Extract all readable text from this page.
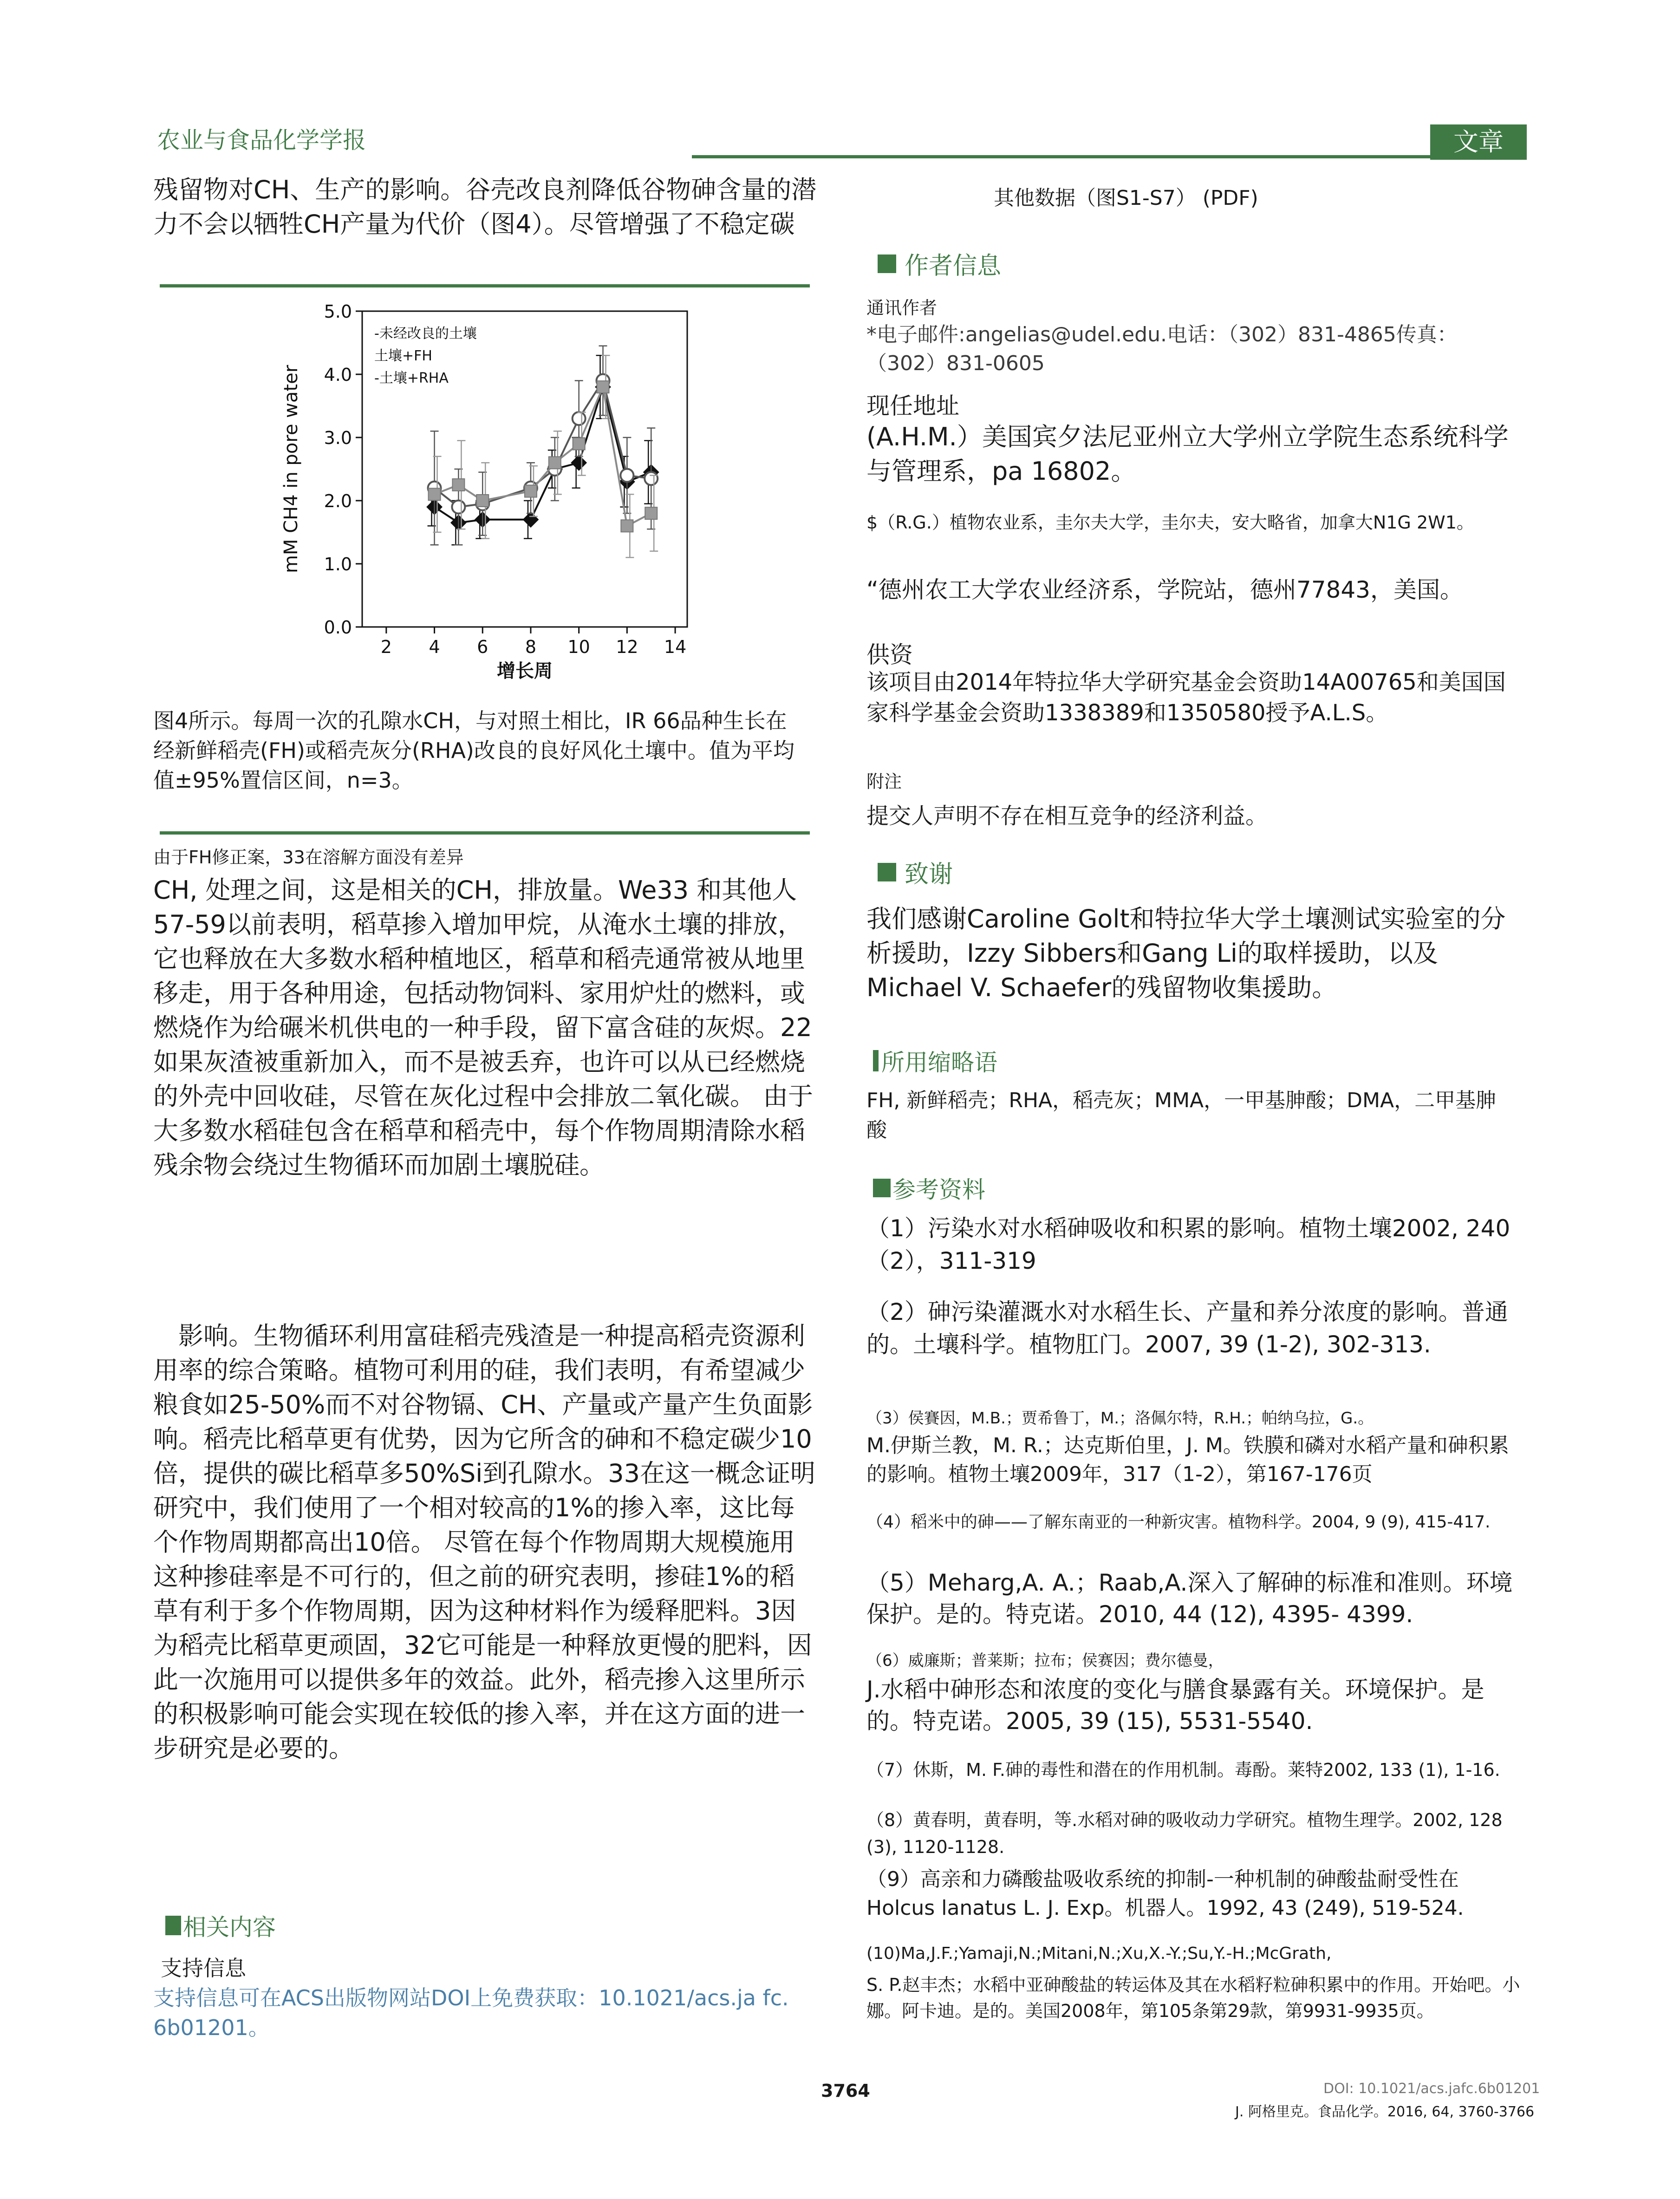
农业与食品化学学报	文章

残留物对CH、生产的影响。谷壳改良剂降低谷物砷含量的潜力不会以牺牲CH产量为代价（图4）。尽管增强了不稳定碳

0.0
1.0
2.0
3.0
4.0
5.0
2 4 6 8 10 12 14
增长周
mM CH4 in pore water
-未经改良的土壤
土壤+FH
-土壤+RHA

图4所示。每周一次的孔隙水CH，与对照土相比，IR 66品种生长在经新鲜稻壳(FH)或稻壳灰分(RHA)改良的良好风化土壤中。值为平均值±95%置信区间，n=3。

由于FH修正案，33在溶解方面没有差异

CH, 处理之间，这是相关的CH，排放量。We33 和其他人57-59以前表明，稻草掺入增加甲烷，从淹水土壤的排放，它也释放在大多数水稻种植地区，稻草和稻壳通常被从地里移走，用于各种用途，包括动物饲料、家用炉灶的燃料，或燃烧作为给碾米机供电的一种手段，留下富含硅的灰烬。22如果灰渣被重新加入，而不是被丢弃，也许可以从已经燃烧的外壳中回收硅，尽管在灰化过程中会排放二氧化碳。 由于大多数水稻硅包含在稻草和稻壳中，每个作物周期清除水稻残余物会绕过生物循环而加剧土壤脱硅。

影响。生物循环利用富硅稻壳残渣是一种提高稻壳资源利用率的综合策略。植物可利用的硅，我们表明，有希望减少粮食如25-50%而不对谷物镉、CH、产量或产量产生负面影响。稻壳比稻草更有优势，因为它所含的砷和不稳定碳少10倍，提供的碳比稻草多50%Si到孔隙水。33在这一概念证明研究中，我们使用了一个相对较高的1%的掺入率，这比每个作物周期都高出10倍。 尽管在每个作物周期大规模施用这种掺硅率是不可行的，但之前的研究表明，掺硅1%的稻草有利于多个作物周期，因为这种材料作为缓释肥料。3因为稻壳比稻草更顽固，32它可能是一种释放更慢的肥料，因此一次施用可以提供多年的效益。此外，稻壳掺入这里所示的积极影响可能会实现在较低的掺入率，并在这方面的进一步研究是必要的。

相关内容
支持信息

支持信息可在ACS出版物网站DOI上免费获取：10.1021/acs.ja fc. 6b01201。

其他数据（图S1-S7） (PDF)
作者信息
通讯作者

*电子邮件:angelias@udel.edu.电话：（302）831-4865传真：（302）831-0605

现任地址

(A.H.M.）美国宾夕法尼亚州立大学州立学院生态系统科学与管理系，pa 16802。

$（R.G.）植物农业系，圭尔夫大学，圭尔夫，安大略省，加拿大N1G 2W1。

“德州农工大学农业经济系，学院站，德州77843，美国。

供资

该项目由2014年特拉华大学研究基金会资助14A00765和美国国家科学基金会资助1338389和1350580授予A.L.S。

附注

提交人声明不存在相互竞争的经济利益。

致谢

我们感谢Caroline Golt和特拉华大学土壤测试实验室的分析援助，Izzy Sibbers和Gang Li的取样援助，以及Michael V. Schaefer的残留物收集援助。

所用缩略语

FH, 新鲜稻壳；RHA，稻壳灰；MMA，一甲基胂酸；DMA，二甲基胂酸

参考资料

（1）污染水对水稻砷吸收和积累的影响。植物土壤2002, 240（2），311-319

（2）砷污染灌溉水对水稻生长、产量和养分浓度的影响。普通的。土壤科学。植物肛门。2007, 39 (1-2), 302-313.

（3）侯賽因，M.B.；贾希鲁丁，M.；洛佩尔特，R.H.；帕纳乌拉，G.。

M.伊斯兰教，M. R.；达克斯伯里，J. M。铁膜和磷对水稻产量和砷积累的影响。植物土壤2009年，317（1-2），第167-176页

（4）稻米中的砷——了解东南亚的一种新灾害。植物科学。2004, 9 (9), 415-417.

（5）Meharg,A. A.；Raab,A.深入了解砷的标准和准则。环境保护。是的。特克诺。2010, 44 (12), 4395- 4399.

（6）威廉斯；普莱斯；拉布；侯赛因；费尔德曼，

J.水稻中砷形态和浓度的变化与膳食暴露有关。环境保护。是的。特克诺。2005, 39 (15), 5531-5540.

（7）休斯，M. F.砷的毒性和潜在的作用机制。毒酚。莱特2002, 133 (1), 1-16.

（8）黄春明，黄春明，等.水稻对砷的吸收动力学研究。植物生理学。2002, 128 (3), 1120-1128.

（9）高亲和力磷酸盐吸收系统的抑制-一种机制的砷酸盐耐受性在Holcus lanatus L. J. Exp。机器人。1992, 43 (249), 519-524.

(10)Ma,J.F.;Yamaji,N.;Mitani,N.;Xu,X.-Y.;Su,Y.-H.;McGrath,

S. P.赵丰杰；水稻中亚砷酸盐的转运体及其在水稻籽粒砷积累中的作用。开始吧。小娜。阿卡迪。是的。美国2008年，第105条第29款，第9931-9935页。

3764	DOI: 10.1021/acs.jafc.6b01201
J. 阿格里克。食品化学。2016, 64, 3760-3766
